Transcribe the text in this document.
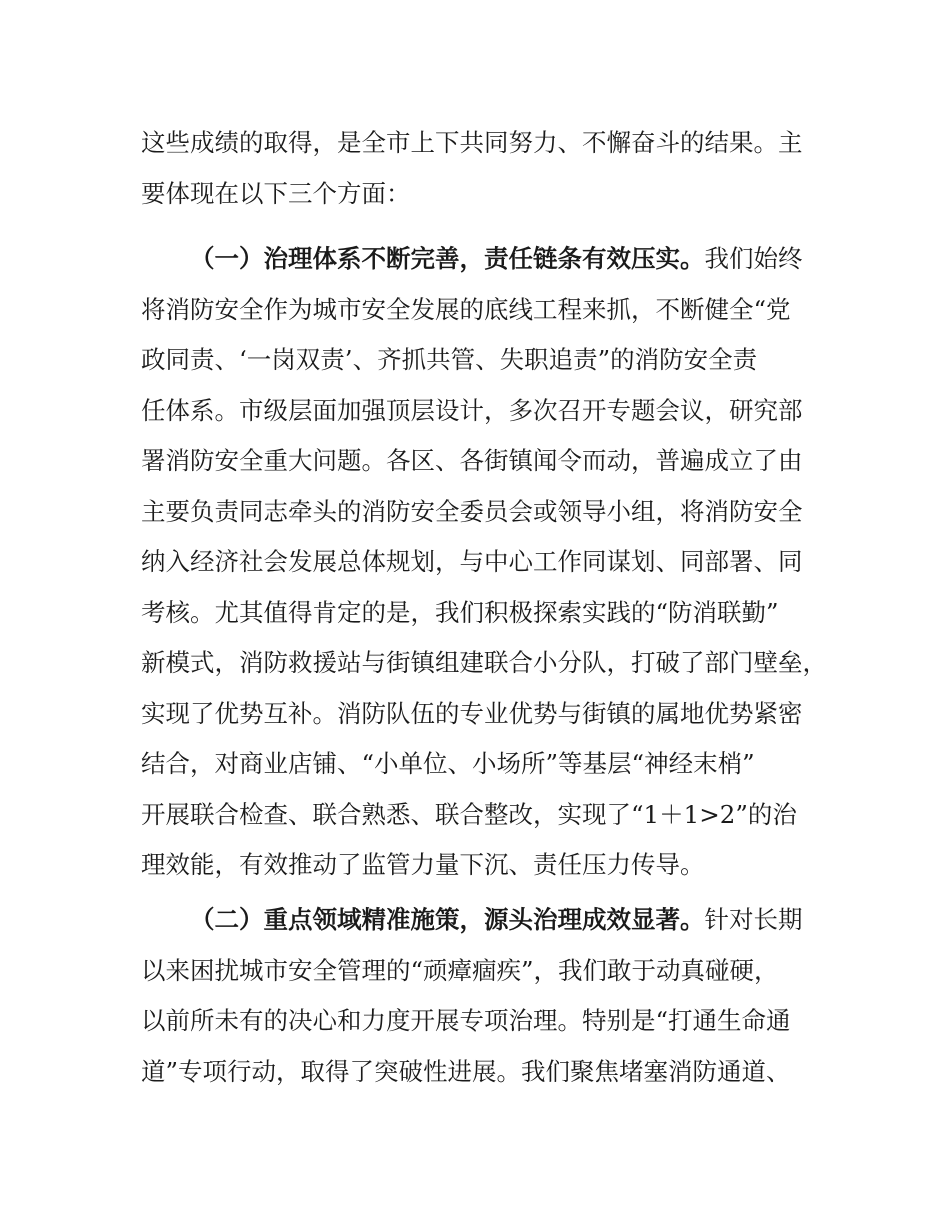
这些成绩的取得，是全市上下共同努力、不懈奋斗的结果。主
要体现在以下三个方面：
（一）治理体系不断完善，责任链条有效压实。我们始终
将消防安全作为城市安全发展的底线工程来抓，不断健全“党
政同责、‘一岗双责’、齐抓共管、失职追责”的消防安全责
任体系。市级层面加强顶层设计，多次召开专题会议，研究部
署消防安全重大问题。各区、各街镇闻令而动，普遍成立了由
主要负责同志牵头的消防安全委员会或领导小组，将消防安全
纳入经济社会发展总体规划，与中心工作同谋划、同部署、同
考核。尤其值得肯定的是，我们积极探索实践的“防消联勤”
新模式，消防救援站与街镇组建联合小分队，打破了部门壁垒，
实现了优势互补。消防队伍的专业优势与街镇的属地优势紧密
结合，对商业店铺、“小单位、小场所”等基层“神经末梢”
开展联合检查、联合熟悉、联合整改，实现了“1＋1>2”的治
理效能，有效推动了监管力量下沉、责任压力传导。
（二）重点领域精准施策，源头治理成效显著。针对长期
以来困扰城市安全管理的“顽瘴痼疾”，我们敢于动真碰硬，
以前所未有的决心和力度开展专项治理。特别是“打通生命通
道”专项行动，取得了突破性进展。我们聚焦堵塞消防通道、
